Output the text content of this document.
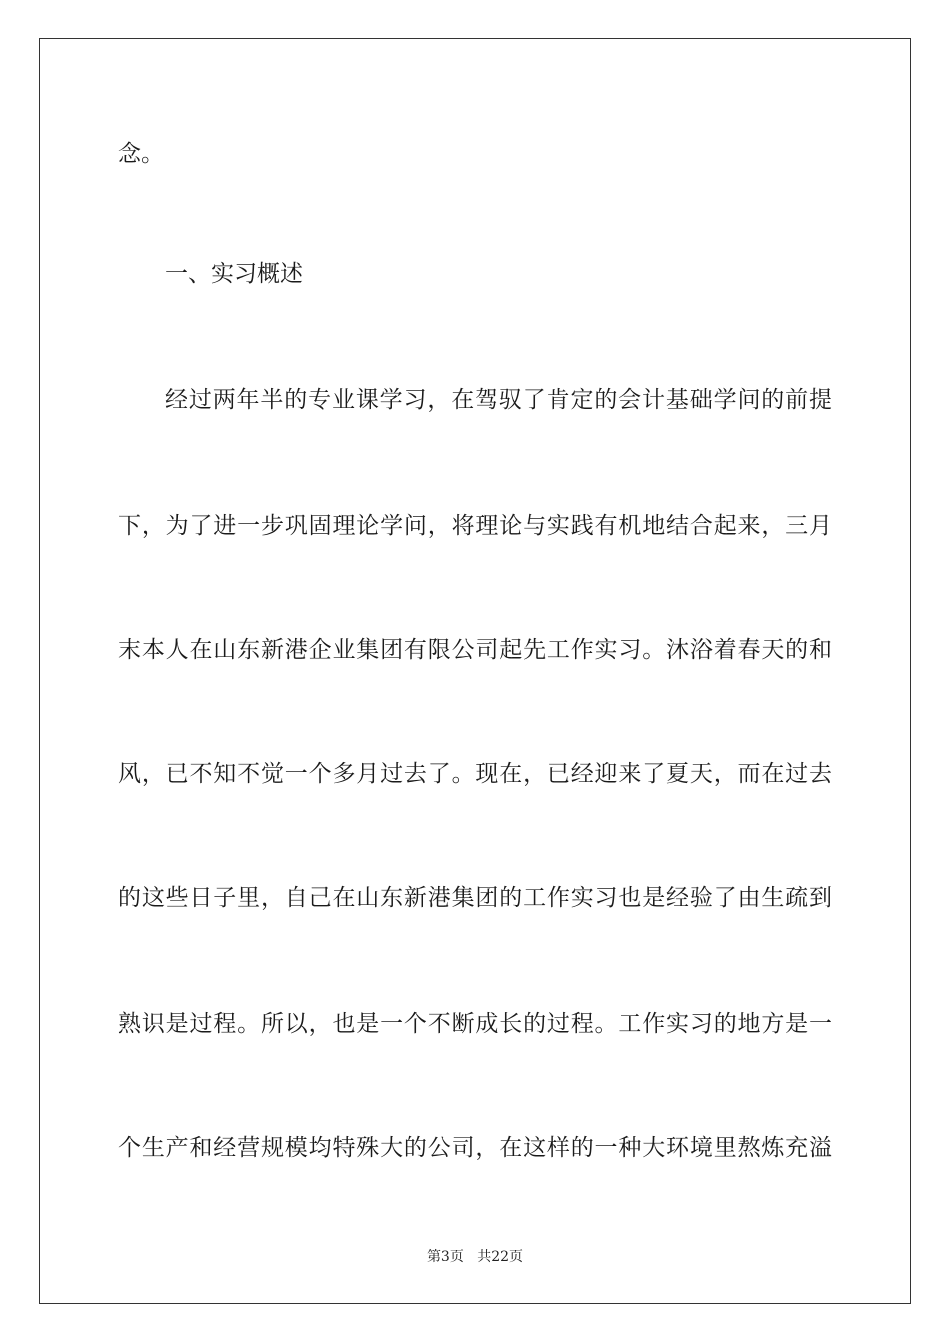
念。
一、实习概述
经过两年半的专业课学习，在驾驭了肯定的会计基础学问的前提
下，为了进一步巩固理论学问，将理论与实践有机地结合起来，三月
末本人在山东新港企业集团有限公司起先工作实习。沐浴着春天的和
风，已不知不觉一个多月过去了。现在，已经迎来了夏天，而在过去
的这些日子里，自己在山东新港集团的工作实习也是经验了由生疏到
熟识是过程。所以，也是一个不断成长的过程。工作实习的地方是一
个生产和经营规模均特殊大的公司，在这样的一种大环境里熬炼充溢
第3页 共22页
